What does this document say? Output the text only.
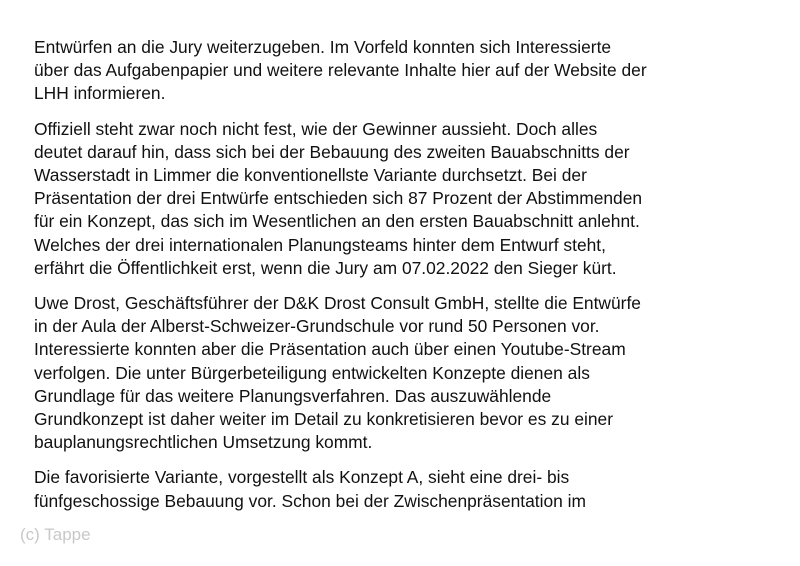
Entwürfen an die Jury weiterzugeben. Im Vorfeld konnten sich Interessierte
über das Aufgabenpapier und weitere relevante Inhalte hier auf der Website der
LHH informieren.
Offiziell steht zwar noch nicht fest, wie der Gewinner aussieht. Doch alles
deutet darauf hin, dass sich bei der Bebauung des zweiten Bauabschnitts der
Wasserstadt in Limmer die konventionellste Variante durchsetzt. Bei der
Präsentation der drei Entwürfe entschieden sich 87 Prozent der Abstimmenden
für ein Konzept, das sich im Wesentlichen an den ersten Bauabschnitt anlehnt.
Welches der drei internationalen Planungsteams hinter dem Entwurf steht,
erfährt die Öffentlichkeit erst, wenn die Jury am 07.02.2022 den Sieger kürt.
Uwe Drost, Geschäftsführer der D&K Drost Consult GmbH, stellte die Entwürfe
in der Aula der Alberst-Schweizer-Grundschule vor rund 50 Personen vor.
Interessierte konnten aber die Präsentation auch über einen Youtube-Stream
verfolgen. Die unter Bürgerbeteiligung entwickelten Konzepte dienen als
Grundlage für das weitere Planungsverfahren. Das auszuwählende
Grundkonzept ist daher weiter im Detail zu konkretisieren bevor es zu einer
bauplanungsrechtlichen Umsetzung kommt.
Die favorisierte Variante, vorgestellt als Konzept A, sieht eine drei- bis
fünfgeschossige Bebauung vor. Schon bei der Zwischenpräsentation im
(c) Tappe
